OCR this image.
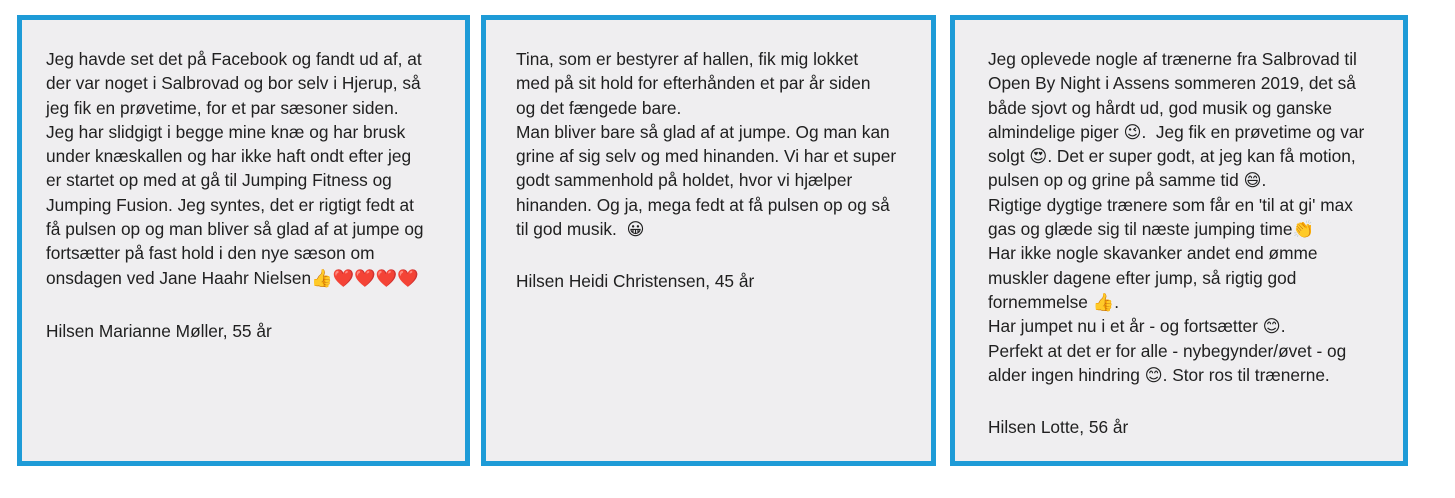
Jeg havde set det på Facebook og fandt ud af, at
der var noget i Salbrovad og bor selv i Hjerup, så
jeg fik en prøvetime, for et par sæsoner siden.
Jeg har slidgigt i begge mine knæ og har brusk
under knæskallen og har ikke haft ondt efter jeg
er startet op med at gå til Jumping Fitness og
Jumping Fusion. Jeg syntes, det er rigtigt fedt at
få pulsen op og man bliver så glad af at jumpe og
fortsætter på fast hold i den nye sæson om
onsdagen ved Jane Haahr Nielsen👍❤️❤️❤️❤️

Hilsen Marianne Møller, 55 år

Tina, som er bestyrer af hallen, fik mig lokket
med på sit hold for efterhånden et par år siden
og det fængede bare.
Man bliver bare så glad af at jumpe. Og man kan
grine af sig selv og med hinanden. Vi har et super
godt sammenhold på holdet, hvor vi hjælper
hinanden. Og ja, mega fedt at få pulsen op og så
til god musik.  😀

Hilsen Heidi Christensen, 45 år

Jeg oplevede nogle af trænerne fra Salbrovad til
Open By Night i Assens sommeren 2019, det så
både sjovt og hårdt ud, god musik og ganske
almindelige piger 😉.  Jeg fik en prøvetime og var
solgt 😍. Det er super godt, at jeg kan få motion,
pulsen op og grine på samme tid 😄.
Rigtige dygtige trænere som får en 'til at gi' max
gas og glæde sig til næste jumping time👏
Har ikke nogle skavanker andet end ømme
muskler dagene efter jump, så rigtig god
fornemmelse 👍.
Har jumpet nu i et år - og fortsætter 😊.
Perfekt at det er for alle - nybegynder/øvet - og
alder ingen hindring 😊. Stor ros til trænerne.

Hilsen Lotte, 56 år
